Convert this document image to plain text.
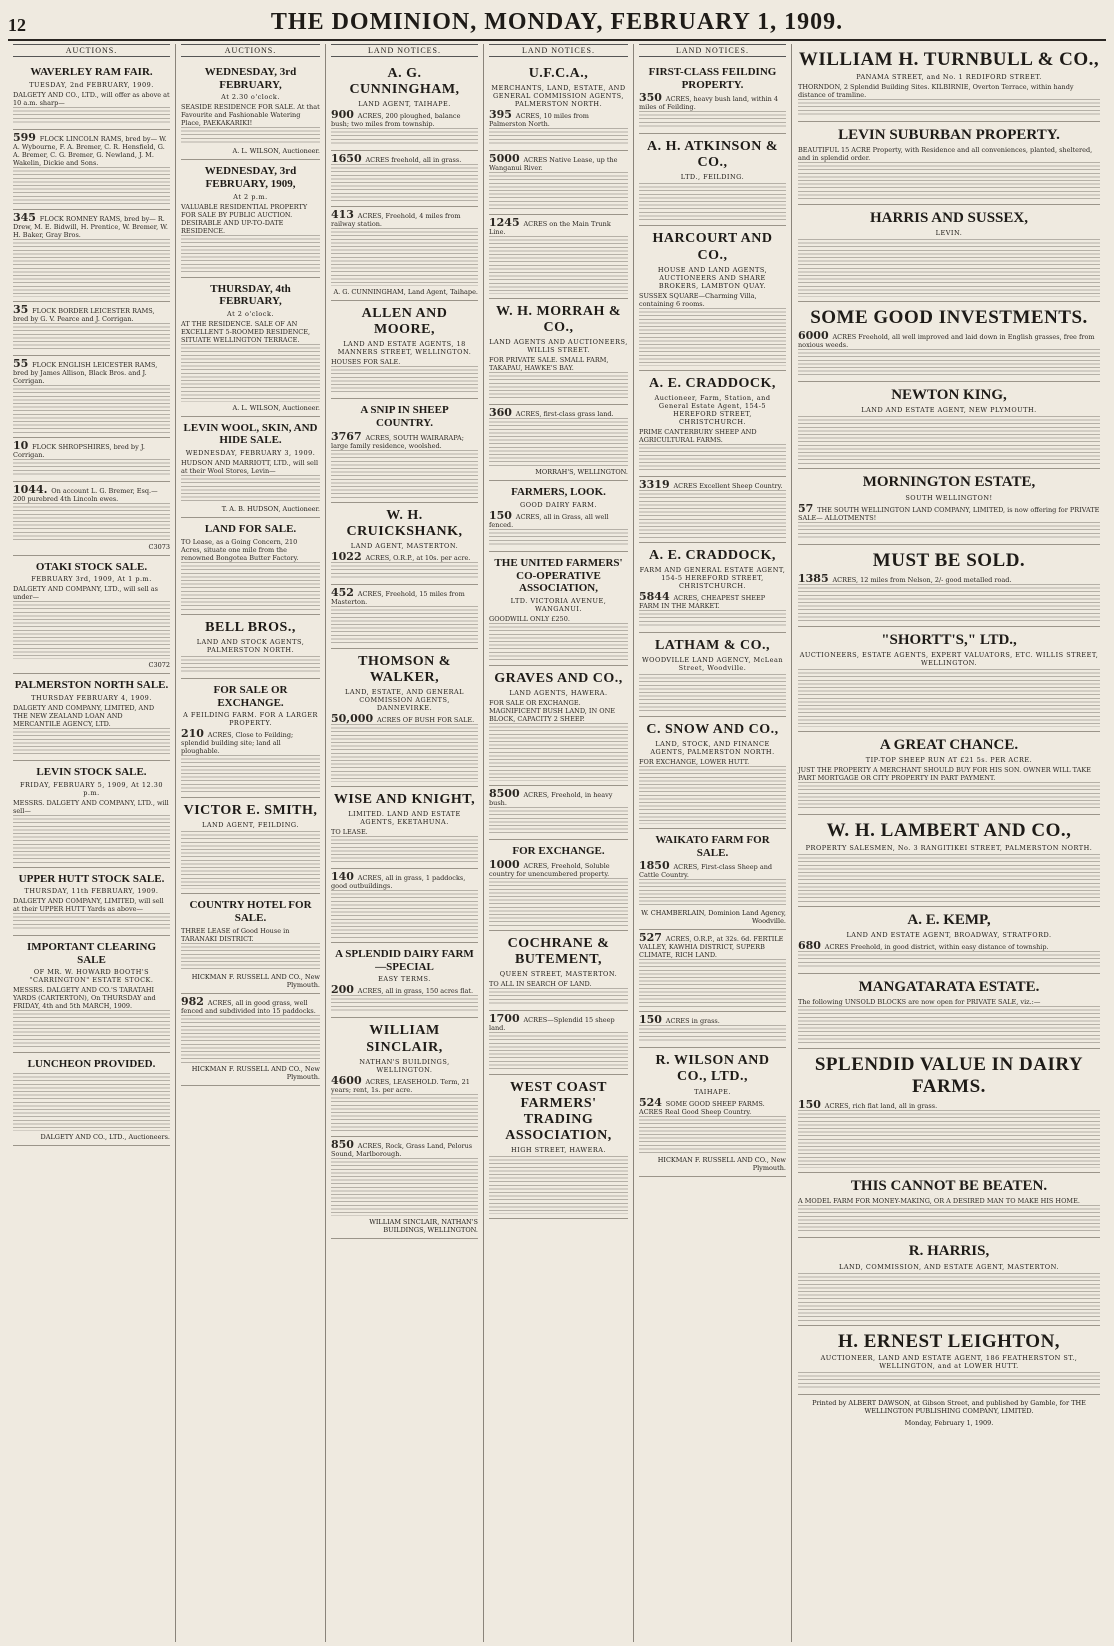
12	THE DOMINION, MONDAY, FEBRUARY 1, 1909.
AUCTIONS.
WAVERLEY RAM FAIR.
TUESDAY, 2nd FEBRUARY, 1909.
DALGETY AND CO., LTD., will offer as above at 10 a.m. sharp—
599 FLOCK LINCOLN RAMS, bred by— W. A. Wybourne, F. A. Bremer, C. R. Hensfield, G. A. Bremer, C. G. Bremer, G. Newland, J. M. Wakelin, Dickie and Sons.
345 FLOCK ROMNEY RAMS, bred by— R. Drew, M. E. Bidwill, H. Prentice, W. Bremer, W. H. Baker, Gray Bros.
35 FLOCK BORDER LEICESTER RAMS, bred by G. V. Pearce and J. Corrigan.
55 FLOCK ENGLISH LEICESTER RAMS, bred by James Allison, Black Bros. and J. Corrigan.
10 FLOCK SHROPSHIRES, bred by J. Corrigan.
1044. On account L. G. Bremer, Esq.— 200 purebred 4th Lincoln ewes.
C3073
OTAKI STOCK SALE.
FEBRUARY 3rd, 1909, At 1 p.m.
DALGETY AND COMPANY, LTD., will sell as under—
C3072
PALMERSTON NORTH SALE.
THURSDAY FEBRUARY 4, 1909.
DALGETY AND COMPANY, LIMITED, AND THE NEW ZEALAND LOAN AND MERCANTILE AGENCY, LTD.
LEVIN STOCK SALE.
FRIDAY, FEBRUARY 5, 1909, At 12.30 p.m.
MESSRS. DALGETY AND COMPANY, LTD., will sell—
UPPER HUTT STOCK SALE.
THURSDAY, 11th FEBRUARY, 1909.
DALGETY AND COMPANY, LIMITED, will sell at their UPPER HUTT Yards as above—
IMPORTANT CLEARING SALE
OF MR. W. HOWARD BOOTH'S "CARRINGTON" ESTATE STOCK.
MESSRS. DALGETY AND CO.'S TARATAHI YARDS (CARTERTON), On THURSDAY and FRIDAY, 4th and 5th MARCH, 1909.
LUNCHEON PROVIDED.
DALGETY AND CO., LTD., Auctioneers.
AUCTIONS.
WEDNESDAY, 3rd FEBRUARY,
At 2.30 o'clock.
SEASIDE RESIDENCE FOR SALE. At that Favourite and Fashionable Watering Place, PAEKAKARIKI!
A. L. WILSON, Auctioneer.
WEDNESDAY, 3rd FEBRUARY, 1909,
At 2 p.m.
VALUABLE RESIDENTIAL PROPERTY FOR SALE BY PUBLIC AUCTION. DESIRABLE AND UP-TO-DATE RESIDENCE.
THURSDAY, 4th FEBRUARY,
At 2 o'clock.
AT THE RESIDENCE. SALE OF AN EXCELLENT 5-ROOMED RESIDENCE, SITUATE WELLINGTON TERRACE.
A. L. WILSON, Auctioneer.
LEVIN WOOL, SKIN, AND HIDE SALE.
WEDNESDAY, FEBRUARY 3, 1909.
HUDSON AND MARRIOTT, LTD., will sell at their Wool Stores, Levin—
T. A. B. HUDSON, Auctioneer.
LAND FOR SALE.
TO Lease, as a Going Concern, 210 Acres, situate one mile from the renowned Bongotea Butter Factory.
BELL BROS.,
LAND AND STOCK AGENTS, PALMERSTON NORTH.
FOR SALE OR EXCHANGE.
A FEILDING FARM. FOR A LARGER PROPERTY.
210 ACRES, Close to Feilding; splendid building site; land all ploughable.
VICTOR E. SMITH,
LAND AGENT, FEILDING.
COUNTRY HOTEL FOR SALE.
THREE LEASE of Good House in TARANAKI DISTRICT.
HICKMAN F. RUSSELL AND CO., New Plymouth.
982 ACRES, all in good grass, well fenced and subdivided into 15 paddocks.
HICKMAN F. RUSSELL AND CO., New Plymouth.
LAND NOTICES.
A. G. CUNNINGHAM,
LAND AGENT, TAIHAPE.
900 ACRES, 200 ploughed, balance bush; two miles from township.
1650 ACRES freehold, all in grass.
413 ACRES, Freehold, 4 miles from railway station.
A. G. CUNNINGHAM, Land Agent, Taihape.
ALLEN AND MOORE,
LAND AND ESTATE AGENTS, 18 MANNERS STREET, WELLINGTON.
HOUSES FOR SALE.
A SNIP IN SHEEP COUNTRY.
3767 ACRES, SOUTH WAIRARAPA; large family residence, woolshed.
W. H. CRUICKSHANK,
LAND AGENT, MASTERTON.
1022 ACRES, O.R.P., at 10s. per acre.
452 ACRES, Freehold, 15 miles from Masterton.
THOMSON & WALKER,
LAND, ESTATE, AND GENERAL COMMISSION AGENTS, DANNEVIRKE.
50,000 ACRES OF BUSH FOR SALE.
WISE AND KNIGHT,
LIMITED. LAND AND ESTATE AGENTS, EKETAHUNA.
TO LEASE.
140 ACRES, all in grass, 1 paddocks, good outbuildings.
A SPLENDID DAIRY FARM—SPECIAL
EASY TERMS.
200 ACRES, all in grass, 150 acres flat.
WILLIAM SINCLAIR,
NATHAN'S BUILDINGS, WELLINGTON.
4600 ACRES, LEASEHOLD. Term, 21 years; rent, 1s. per acre.
850 ACRES, Rock, Grass Land, Pelorus Sound, Marlborough.
WILLIAM SINCLAIR, NATHAN'S BUILDINGS, WELLINGTON.
LAND NOTICES.
U.F.C.A.,
MERCHANTS, LAND, ESTATE, AND GENERAL COMMISSION AGENTS, PALMERSTON NORTH.
395 ACRES, 10 miles from Palmerston North.
5000 ACRES Native Lease, up the Wanganui River.
1245 ACRES on the Main Trunk Line.
W. H. MORRAH & CO.,
LAND AGENTS AND AUCTIONEERS, WILLIS STREET.
FOR PRIVATE SALE. SMALL FARM, TAKAPAU, HAWKE'S BAY.
360 ACRES, first-class grass land.
MORRAH'S, WELLINGTON.
FARMERS, LOOK.
GOOD DAIRY FARM.
150 ACRES, all in Grass, all well fenced.
THE UNITED FARMERS' CO-OPERATIVE ASSOCIATION,
LTD. VICTORIA AVENUE, WANGANUI.
GOODWILL ONLY £250.
GRAVES AND CO.,
LAND AGENTS, HAWERA.
FOR SALE OR EXCHANGE. MAGNIFICENT BUSH LAND, IN ONE BLOCK, CAPACITY 2 SHEEP.
8500 ACRES, Freehold, in heavy bush.
FOR EXCHANGE.
1000 ACRES, Freehold, Soluble country for unencumbered property.
COCHRANE & BUTEMENT,
QUEEN STREET, MASTERTON.
TO ALL IN SEARCH OF LAND.
1700 ACRES—Splendid 15 sheep land.
WEST COAST FARMERS' TRADING ASSOCIATION,
HIGH STREET, HAWERA.
LAND NOTICES.
FIRST-CLASS FEILDING PROPERTY.
350 ACRES, heavy bush land, within 4 miles of Feilding.
A. H. ATKINSON & CO.,
LTD., FEILDING.
HARCOURT AND CO.,
HOUSE AND LAND AGENTS, AUCTIONEERS AND SHARE BROKERS, LAMBTON QUAY.
SUSSEX SQUARE—Charming Villa, containing 6 rooms.
A. E. CRADDOCK,
Auctioneer, Farm, Station, and General Estate Agent, 154-5 HEREFORD STREET, CHRISTCHURCH.
PRIME CANTERBURY SHEEP AND AGRICULTURAL FARMS.
3319 ACRES Excellent Sheep Country.
A. E. CRADDOCK,
FARM AND GENERAL ESTATE AGENT, 154-5 HEREFORD STREET, CHRISTCHURCH.
5844 ACRES, CHEAPEST SHEEP FARM IN THE MARKET.
LATHAM & CO.,
WOODVILLE LAND AGENCY, McLean Street, Woodville.
C. SNOW AND CO.,
LAND, STOCK, AND FINANCE AGENTS, PALMERSTON NORTH.
FOR EXCHANGE, LOWER HUTT.
WAIKATO FARM FOR SALE.
1850 ACRES, First-class Sheep and Cattle Country.
W. CHAMBERLAIN, Dominion Land Agency, Woodville.
527 ACRES, O.R.P., at 32s. 6d. FERTILE VALLEY, KAWHIA DISTRICT, SUPERB CLIMATE, RICH LAND.
150 ACRES in grass.
R. WILSON AND CO., LTD.,
TAIHAPE.
524 SOME GOOD SHEEP FARMS. ACRES Real Good Sheep Country.
HICKMAN F. RUSSELL AND CO., New Plymouth.
WILLIAM H. TURNBULL & CO.,
PANAMA STREET, and No. 1 REDIFORD STREET.
THORNDON, 2 Splendid Building Sites. KILBIRNIE, Overton Terrace, within handy distance of tramline.
LEVIN SUBURBAN PROPERTY.
BEAUTIFUL 15 ACRE Property, with Residence and all conveniences, planted, sheltered, and in splendid order.
HARRIS AND SUSSEX,
LEVIN.
SOME GOOD INVESTMENTS.
6000 ACRES Freehold, all well improved and laid down in English grasses, free from noxious weeds.
NEWTON KING,
LAND AND ESTATE AGENT, NEW PLYMOUTH.
MORNINGTON ESTATE,
SOUTH WELLINGTON!
57 THE SOUTH WELLINGTON LAND COMPANY, LIMITED, is now offering for PRIVATE SALE— ALLOTMENTS!
MUST BE SOLD.
1385 ACRES, 12 miles from Nelson, 2/- good metalled road.
"SHORTT'S," LTD.,
AUCTIONEERS, ESTATE AGENTS, EXPERT VALUATORS, ETC. WILLIS STREET, WELLINGTON.
A GREAT CHANCE.
TIP-TOP SHEEP RUN AT £21 5s. PER ACRE.
JUST THE PROPERTY A MERCHANT SHOULD BUY FOR HIS SON. OWNER WILL TAKE PART MORTGAGE OR CITY PROPERTY IN PART PAYMENT.
W. H. LAMBERT AND CO.,
PROPERTY SALESMEN, No. 3 RANGITIKEI STREET, PALMERSTON NORTH.
A. E. KEMP,
LAND AND ESTATE AGENT, BROADWAY, STRATFORD.
680 ACRES Freehold, in good district, within easy distance of township.
MANGATARATA ESTATE.
The following UNSOLD BLOCKS are now open for PRIVATE SALE, viz.:—
SPLENDID VALUE IN DAIRY FARMS.
150 ACRES, rich flat land, all in grass.
THIS CANNOT BE BEATEN.
A MODEL FARM FOR MONEY-MAKING, OR A DESIRED MAN TO MAKE HIS HOME.
R. HARRIS,
LAND, COMMISSION, AND ESTATE AGENT, MASTERTON.
H. ERNEST LEIGHTON,
AUCTIONEER, LAND AND ESTATE AGENT, 186 FEATHERSTON ST., WELLINGTON, and at LOWER HUTT.
Printed by ALBERT DAWSON, at Gibson Street, and published by Gamble, for THE WELLINGTON PUBLISHING COMPANY, LIMITED.
Monday, February 1, 1909.
